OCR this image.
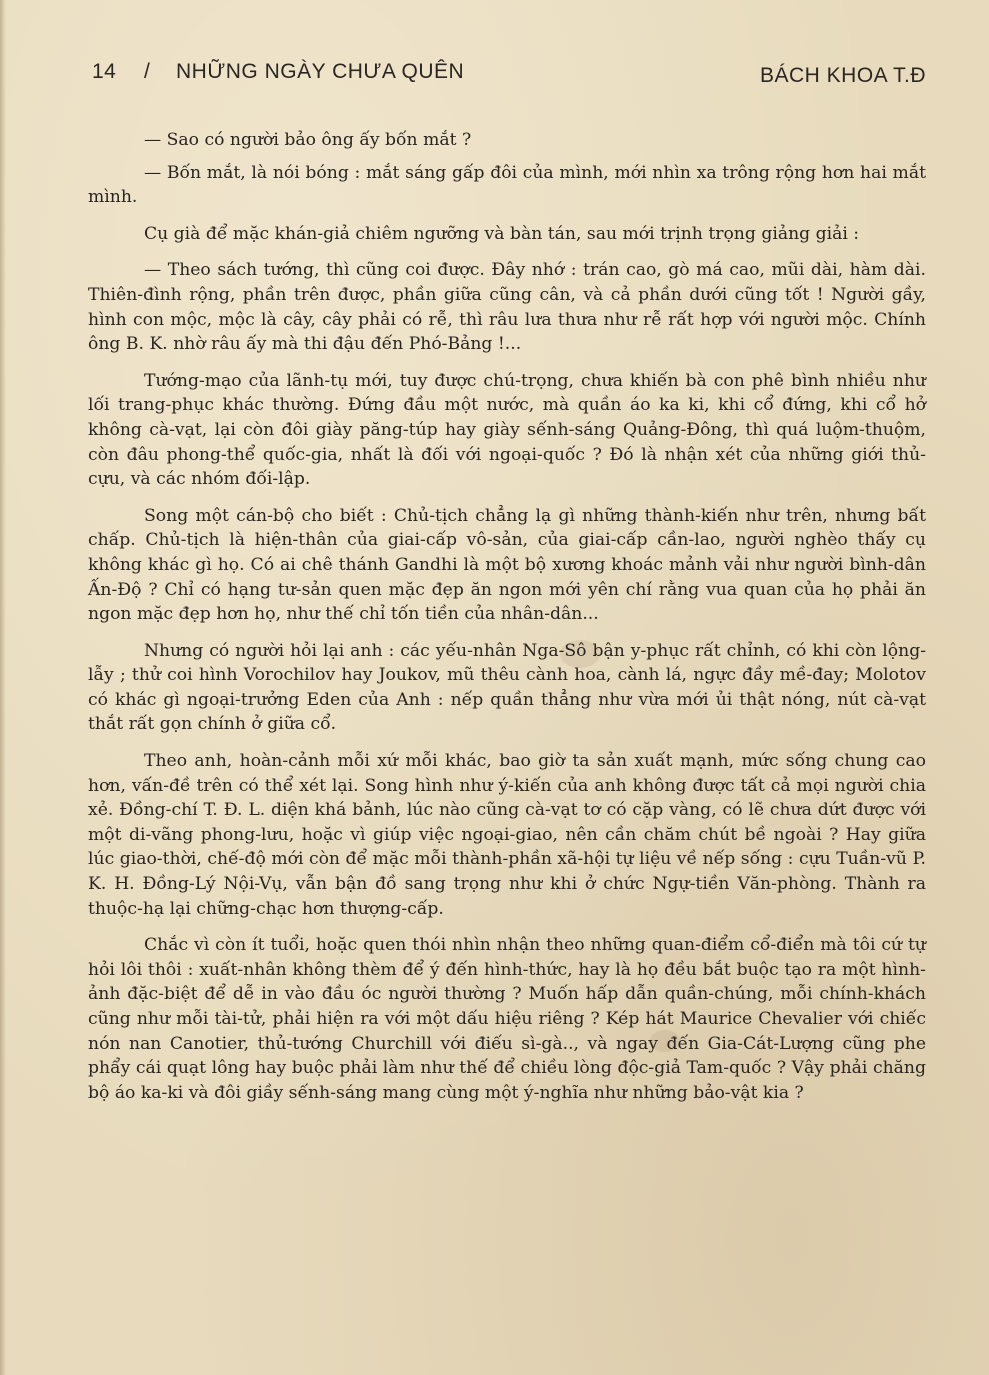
14 / NHỮNG NGÀY CHƯA QUÊN	BÁCH KHOA T.Đ

— Sao có người bảo ông ấy bốn mắt ?

— Bốn mắt, là nói bóng : mắt sáng gấp đôi của mình, mới nhìn xa trông rộng hơn hai mắt mình.

Cụ già để mặc khán-giả chiêm ngưỡng và bàn tán, sau mới trịnh trọng giảng giải :

— Theo sách tướng, thì cũng coi được. Đây nhớ : trán cao, gò má cao, mũi dài, hàm dài. Thiên-đình rộng, phần trên được, phần giữa cũng cân, và cả phần dưới cũng tốt ! Người gầy, hình con mộc, mộc là cây, cây phải có rễ, thì râu lưa thưa như rễ rất hợp với người mộc. Chính ông B. K. nhờ râu ấy mà thi đậu đến Phó-Bảng !...

Tướng-mạo của lãnh-tụ mới, tuy được chú-trọng, chưa khiến bà con phê bình nhiều như lối trang-phục khác thường. Đứng đầu một nước, mà quần áo ka ki, khi cổ đứng, khi cổ hở không cà-vạt, lại còn đôi giày păng-túp hay giày sếnh-sáng Quảng-Đông, thì quá luộm-thuộm, còn đâu phong-thể quốc-gia, nhất là đối với ngoại-quốc ? Đó là nhận xét của những giới thủ-cựu, và các nhóm đối-lập.

Song một cán-bộ cho biết : Chủ-tịch chẳng lạ gì những thành-kiến như trên, nhưng bất chấp. Chủ-tịch là hiện-thân của giai-cấp vô-sản, của giai-cấp cần-lao, người nghèo thấy cụ không khác gì họ. Có ai chê thánh Gandhi là một bộ xương khoác mảnh vải như người bình-dân Ấn-Độ ? Chỉ có hạng tư-sản quen mặc đẹp ăn ngon mới yên chí rằng vua quan của họ phải ăn ngon mặc đẹp hơn họ, như thế chỉ tốn tiền của nhân-dân...

Nhưng có người hỏi lại anh : các yếu-nhân Nga-Sô bận y-phục rất chỉnh, có khi còn lộng-lẫy ; thử coi hình Vorochilov hay Joukov, mũ thêu cành hoa, cành lá, ngực đầy mề-đay; Molotov có khác gì ngoại-trưởng Eden của Anh : nếp quần thẳng như vừa mới ủi thật nóng, nút cà-vạt thắt rất gọn chính ở giữa cổ.

Theo anh, hoàn-cảnh mỗi xứ mỗi khác, bao giờ ta sản xuất mạnh, mức sống chung cao hơn, vấn-đề trên có thể xét lại. Song hình như ý-kiến của anh không được tất cả mọi người chia xẻ. Đồng-chí T. Đ. L. diện khá bảnh, lúc nào cũng cà-vạt tơ có cặp vàng, có lẽ chưa dứt được với một di-vãng phong-lưu, hoặc vì giúp việc ngoại-giao, nên cần chăm chút bề ngoài ? Hay giữa lúc giao-thời, chế-độ mới còn để mặc mỗi thành-phần xã-hội tự liệu về nếp sống : cựu Tuần-vũ P. K. H. Đồng-Lý Nội-Vụ, vẫn bận đồ sang trọng như khi ở chức Ngự-tiền Văn-phòng. Thành ra thuộc-hạ lại chững-chạc hơn thượng-cấp.

Chắc vì còn ít tuổi, hoặc quen thói nhìn nhận theo những quan-điểm cổ-điển mà tôi cứ tự hỏi lôi thôi : xuất-nhân không thèm để ý đến hình-thức, hay là họ đều bắt buộc tạo ra một hình-ảnh đặc-biệt để dễ in vào đầu óc người thường ? Muốn hấp dẫn quần-chúng, mỗi chính-khách cũng như mỗi tài-tử, phải hiện ra với một dấu hiệu riêng ? Kép hát Maurice Chevalier với chiếc nón nan Canotier, thủ-tướng Churchill với điếu sì-gà.., và ngay đến Gia-Cát-Lượng cũng phe phẩy cái quạt lông hay buộc phải làm như thế để chiều lòng độc-giả Tam-quốc ? Vậy phải chăng bộ áo ka-ki và đôi giầy sếnh-sáng mang cùng một ý-nghĩa như những bảo-vật kia ?
